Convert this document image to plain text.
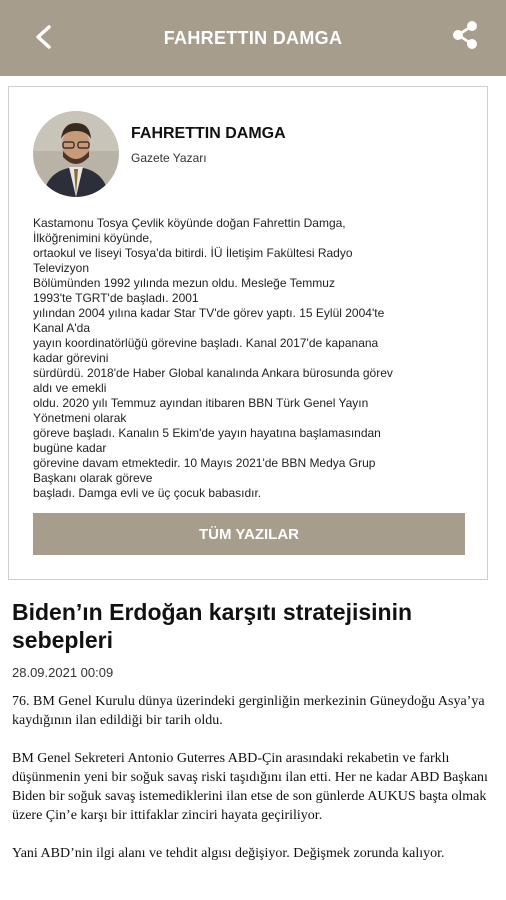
FAHRETTIN DAMGA
FAHRETTIN DAMGA
Gazete Yazarı
Kastamonu Tosya Çevlik köyünde doğan Fahrettin Damga,
İlköğrenimini köyünde,
ortaokul ve liseyi Tosya'da bitirdi. İÜ İletişim Fakültesi Radyo
Televizyon
Bölümünden 1992 yılında mezun oldu. Mesleğe Temmuz
1993'te TGRT'de başladı. 2001
yılından 2004 yılına kadar Star TV'de görev yaptı. 15 Eylül 2004'te
Kanal A'da
yayın koordinatörlüğü görevine başladı. Kanal 2017'de kapanana
kadar görevini
sürdürdü. 2018'de Haber Global kanalında Ankara bürosunda görev
aldı ve emekli
oldu. 2020 yılı Temmuz ayından itibaren BBN Türk Genel Yayın
Yönetmeni olarak
göreve başladı. Kanalın 5 Ekim'de yayın hayatına başlamasından
bugüne kadar
görevine davam etmektedir. 10 Mayıs 2021'de BBN Medya Grup
Başkanı olarak göreve
başladı. Damga evli ve üç çocuk babasıdır.
TÜM YAZILAR
Biden’ın Erdoğan karşıtı stratejisinin sebepleri
28.09.2021 00:09

76. BM Genel Kurulu dünya üzerindeki gerginliğin merkezinin Güneydoğu Asya’ya kaydığının ilan edildiği bir tarih oldu.

BM Genel Sekreteri Antonio Guterres ABD-Çin arasındaki rekabetin ve farklı düşünmenin yeni bir soğuk savaş riski taşıdığını ilan etti. Her ne kadar ABD Başkanı Biden bir soğuk savaş istemediklerini ilan etse de son günlerde AUKUS başta olmak üzere Çin’e karşı bir ittifaklar zinciri hayata geçiriliyor.

Yani ABD’nin ilgi alanı ve tehdit algısı değişiyor. Değişmek zorunda kalıyor.
